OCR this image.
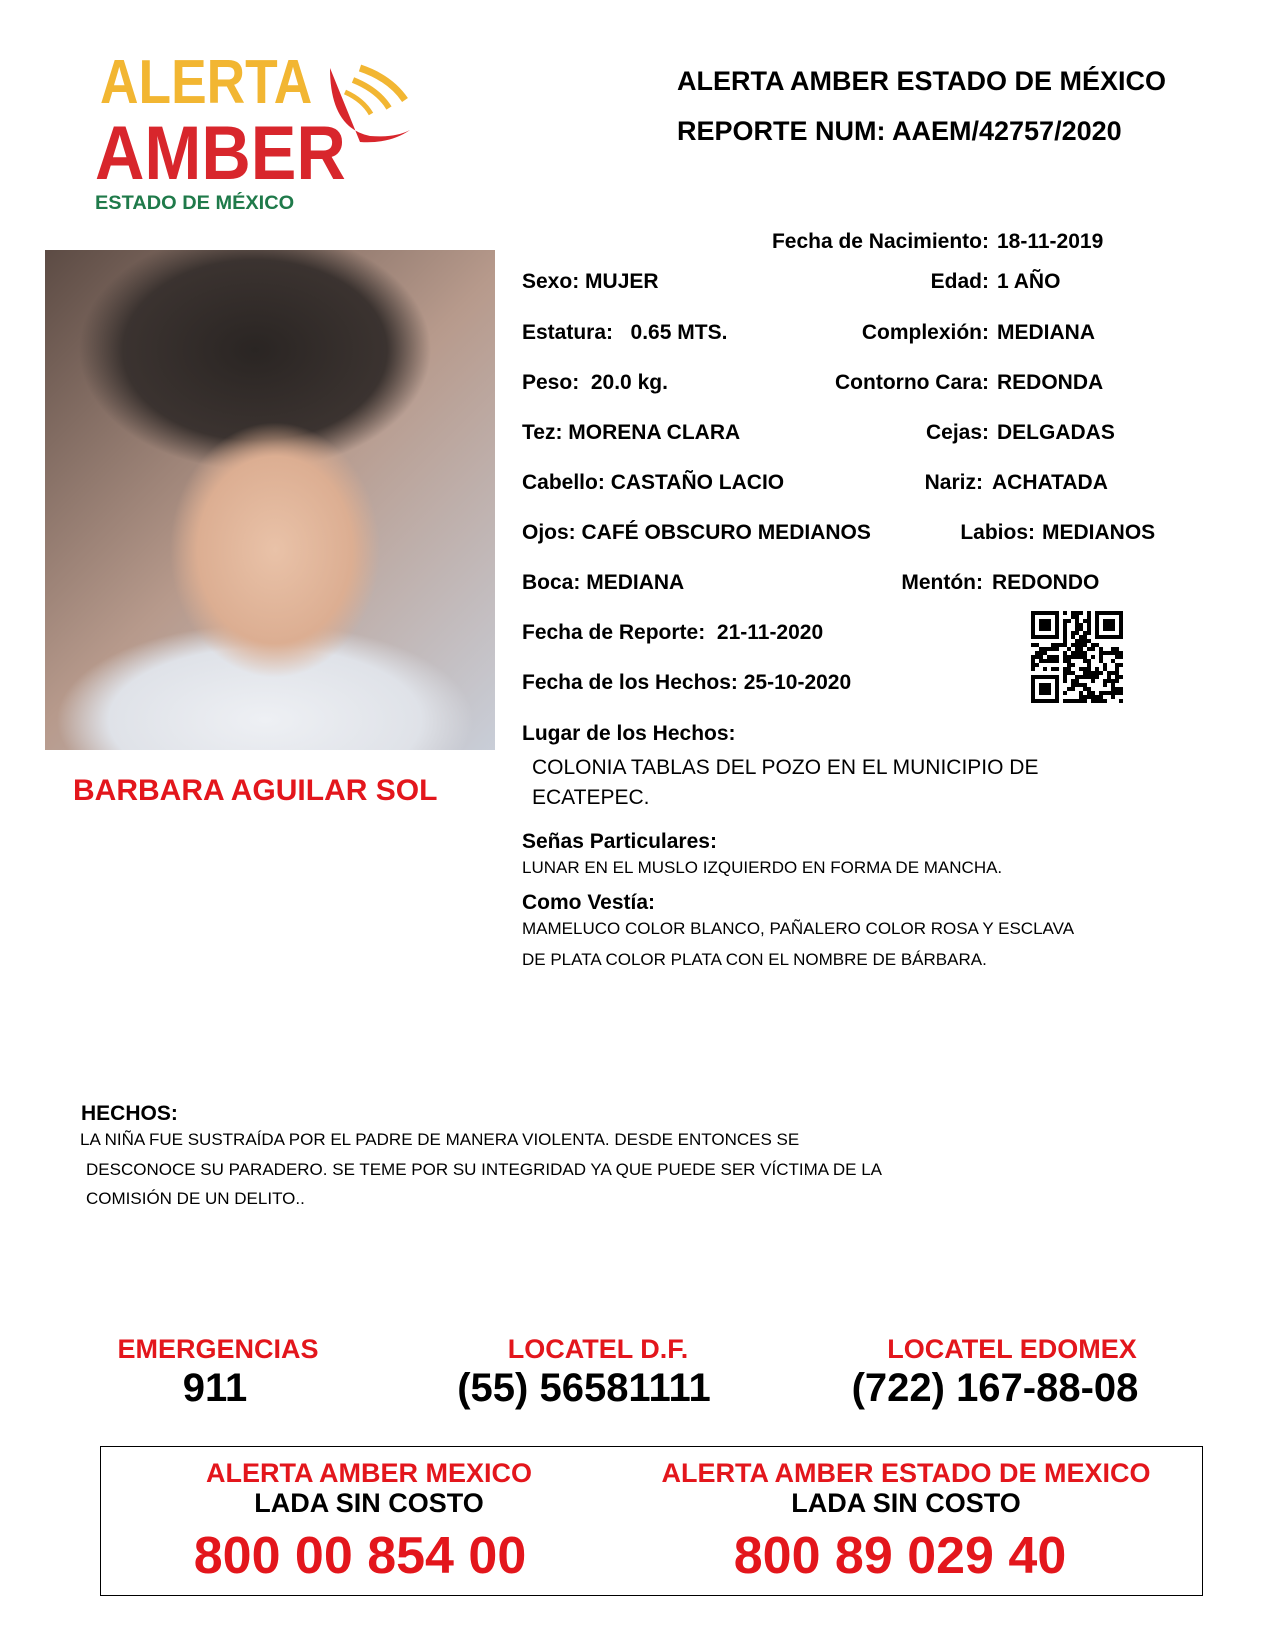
ALERTA
AMBER
ESTADO DE MÉXICO
ALERTA AMBER ESTADO DE MÉXICO
REPORTE NUM: AAEM/42757/2020
BARBARA AGUILAR SOL
Fecha de Nacimiento: 18-11-2019
Sexo: MUJER	Edad: 1 AÑO
Estatura: 0.65 MTS.	Complexión: MEDIANA
Peso: 20.0 kg.	Contorno Cara: REDONDA
Tez: MORENA CLARA	Cejas: DELGADAS
Cabello: CASTAÑO LACIO	Nariz: ACHATADA
Ojos: CAFÉ OBSCURO MEDIANOS	Labios: MEDIANOS
Boca: MEDIANA	Mentón: REDONDO
Fecha de Reporte: 21-11-2020
Fecha de los Hechos: 25-10-2020
Lugar de los Hechos:
COLONIA TABLAS DEL POZO EN EL MUNICIPIO DE
ECATEPEC.
Señas Particulares:
LUNAR EN EL MUSLO IZQUIERDO EN FORMA DE MANCHA.
Como Vestía:
MAMELUCO COLOR BLANCO, PAÑALERO COLOR ROSA Y ESCLAVA
DE PLATA COLOR PLATA CON EL NOMBRE DE BÁRBARA.
HECHOS:
LA NIÑA FUE SUSTRAÍDA POR EL PADRE DE MANERA VIOLENTA. DESDE ENTONCES SE
DESCONOCE SU PARADERO. SE TEME POR SU INTEGRIDAD YA QUE PUEDE SER VÍCTIMA DE LA
COMISIÓN DE UN DELITO..
EMERGENCIAS
911
LOCATEL D.F.
(55) 56581111
LOCATEL EDOMEX
(722) 167-88-08
ALERTA AMBER MEXICO
LADA SIN COSTO
800 00 854 00
ALERTA AMBER ESTADO DE MEXICO
LADA SIN COSTO
800 89 029 40
